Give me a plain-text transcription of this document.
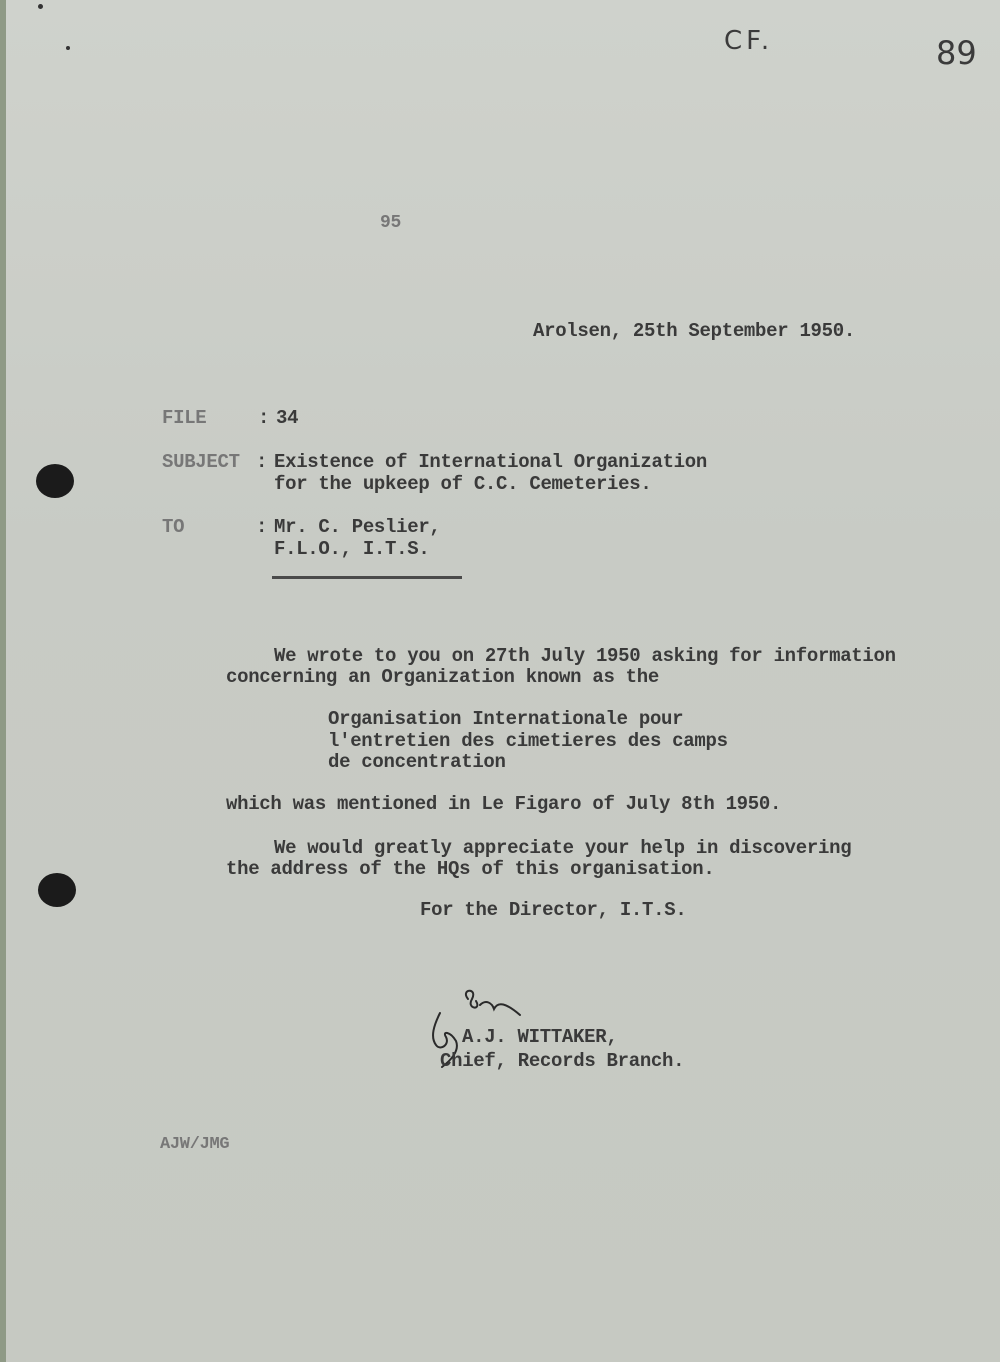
CF.	89
95
Arolsen, 25th September 1950.
FILE	: 34
SUBJECT : Existence of International Organization
for the upkeep of C.C. Cemeteries.
TO	: Mr. C. Peslier,
F.L.O., I.T.S.
We wrote to you on 27th July 1950 asking for information
concerning an Organization known as the
Organisation Internationale pour
l'entretien des cimetieres des camps
de concentration
which was mentioned in Le Figaro of July 8th 1950.
We would greatly appreciate your help in discovering
the address of the HQs of this organisation.
For the Director, I.T.S.
A.J. WITTAKER,
Chief, Records Branch.
AJW/JMG
